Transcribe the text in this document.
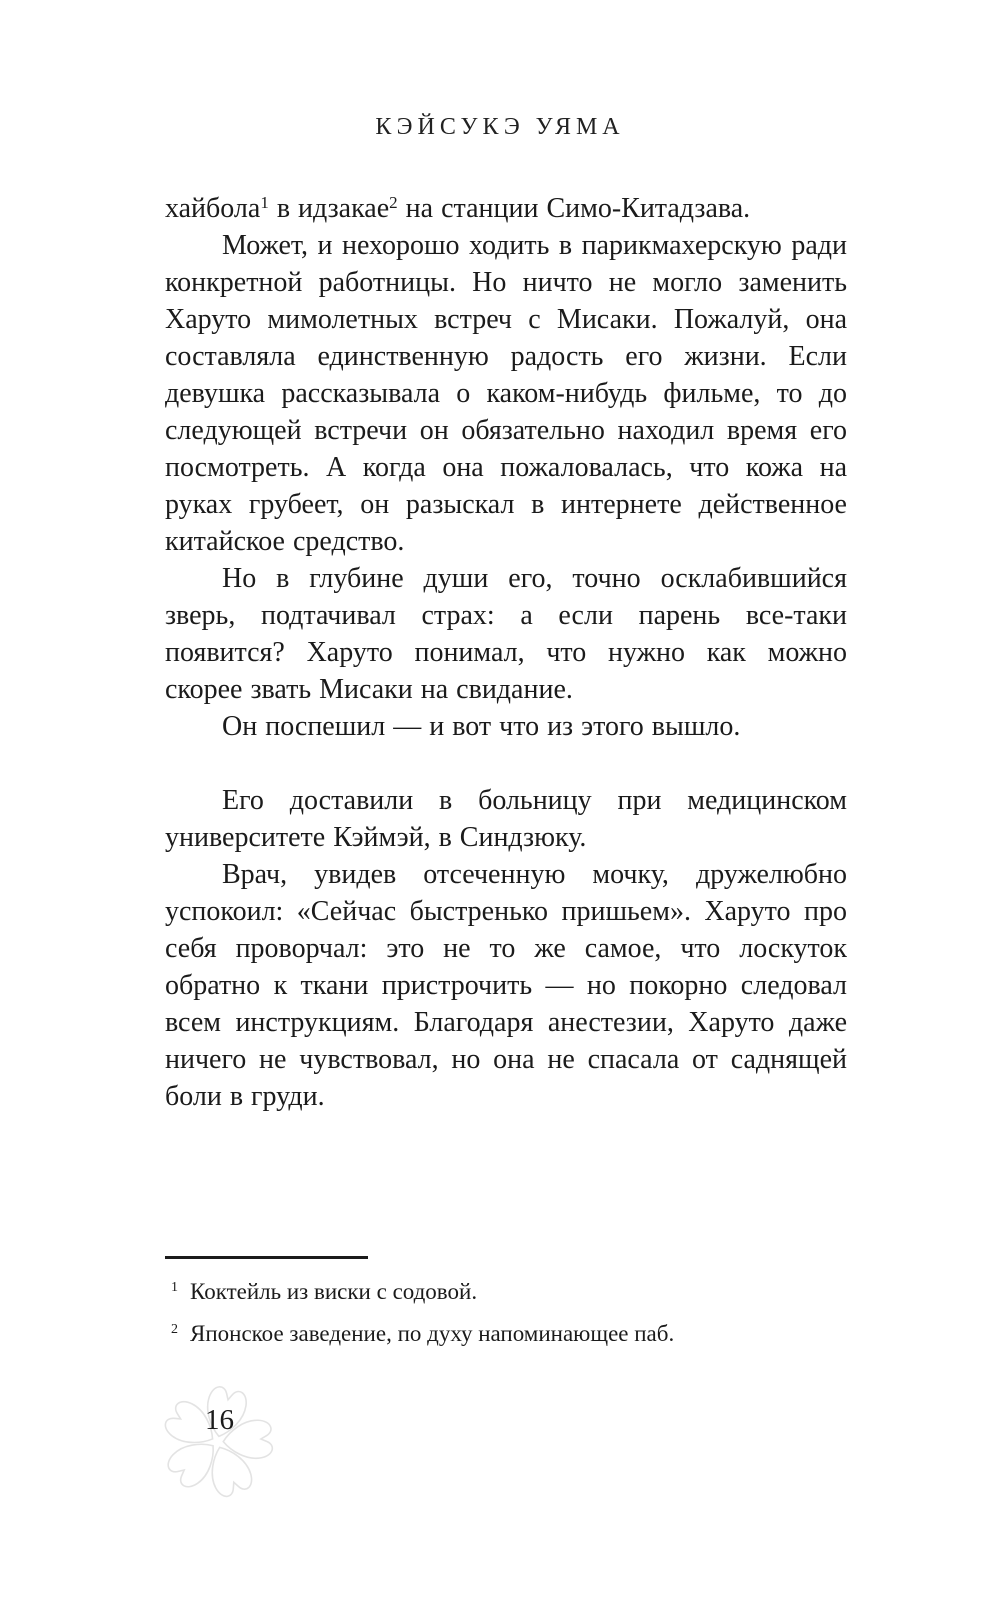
КЭЙСУКЭ УЯМА

хайбола$^1$ в идзакае$^2$ на станции Симо-Китадзава.

Может, и нехорошо ходить в парикмахерскую ради конкретной работницы. Но ничто не могло заменить Харуто мимолетных встреч с Мисаки. Пожалуй, она составляла единственную радость его жизни. Если девушка рассказывала о каком-нибудь фильме, то до следующей встречи он обязательно находил время его посмотреть. А когда она пожаловалась, что кожа на руках грубеет, он разыскал в интернете действенное китайское средство.

Но в глубине души его, точно осклабившийся зверь, подтачивал страх: а если парень все-таки появится? Харуто понимал, что нужно как можно скорее звать Мисаки на свидание.

Он поспешил — и вот что из этого вышло.

Его доставили в больницу при медицинском университете Кэймэй, в Синдзюку.

Врач, увидев отсеченную мочку, дружелюбно успокоил: «Сейчас быстренько пришьем». Харуто про себя проворчал: это не то же самое, что лоскуток обратно к ткани пристрочить — но покорно следовал всем инструкциям. Благодаря анестезии, Харуто даже ничего не чувствовал, но она не спасала от саднящей боли в груди.

$^1$ Коктейль из виски с содовой.
$^2$ Японское заведение, по духу напоминающее паб.
16
